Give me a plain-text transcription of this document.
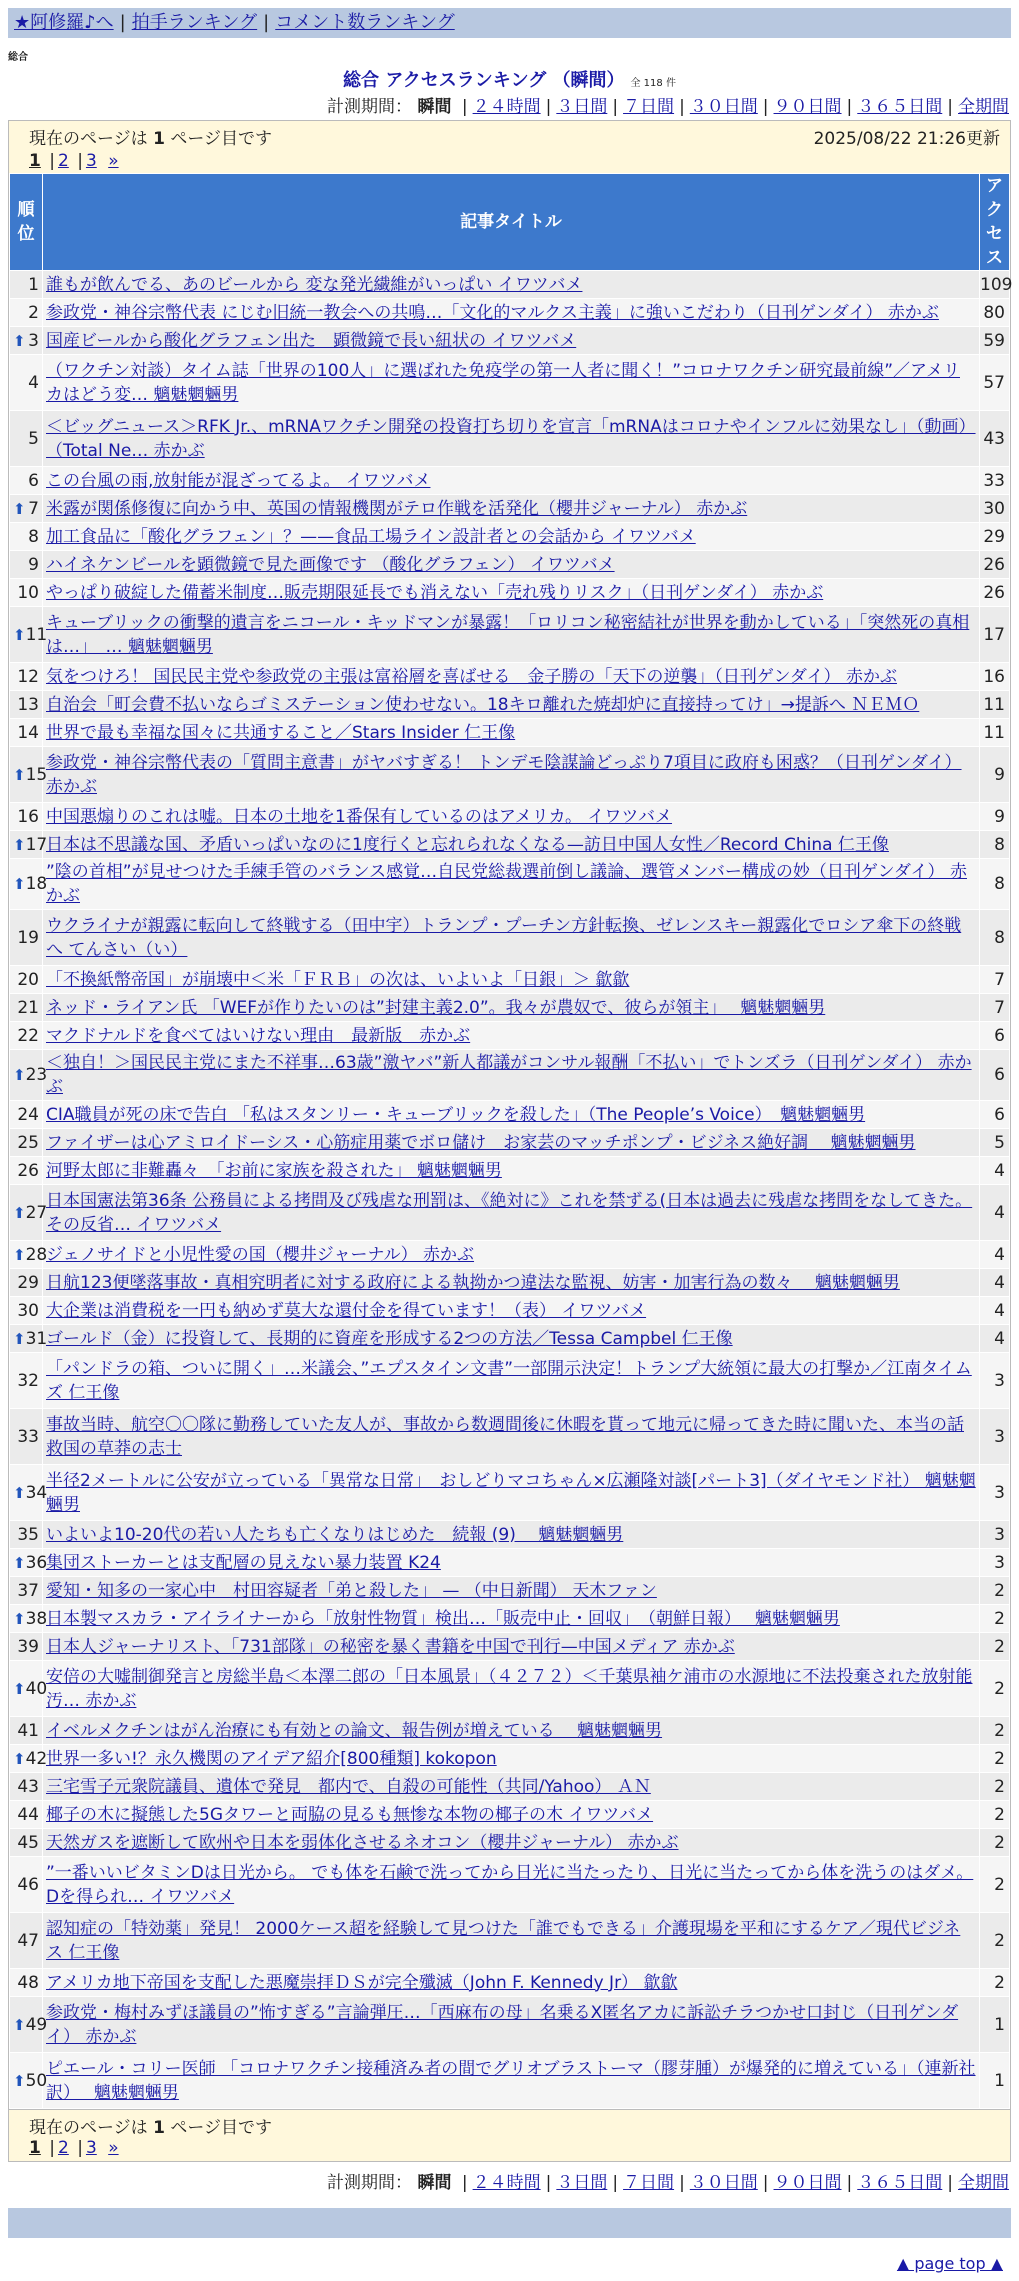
★阿修羅♪へ | 拍手ランキング | コメント数ランキング
総合
総合 アクセスランキング （瞬間） 全 118 件
計測期間： 瞬間 | ２４時間 | ３日間 | ７日間 | ３０日間 | ９０日間 | ３６５日間 | 全期間
現在のページは 1 ページ目です	2025/08/22 21:26更新
1 | 2 | 3 »
順位	記事タイトル	アクセス
1	誰もが飲んでる、あのビールから 変な発光繊維がいっぱい イワツバメ	109
2	参政党・神谷宗幣代表 にじむ旧統一教会への共鳴…「文化的マルクス主義」に強いこだわり（日刊ゲンダイ） 赤かぶ	80

⬆ 3	国産ビールから酸化グラフェン出た　顕微鏡で長い紐状の イワツバメ	59
4	（ワクチン対談）タイム誌「世界の100人」に選ばれた免疫学の第一人者に聞く！”コロナワクチン研究最前線”／アメリカはどう変… 魑魅魍魎男	57
5	＜ビッグニュース＞RFK Jr.、mRNAワクチン開発の投資打ち切りを宣言「mRNAはコロナやインフルに効果なし」（動画）（Total Ne… 赤かぶ	43
6	この台風の雨,放射能が混ざってるよ。 イワツバメ	33

⬆ 7	米露が関係修復に向かう中、英国の情報機関がテロ作戦を活発化（櫻井ジャーナル） 赤かぶ	30
8	加工食品に「酸化グラフェン」？——食品工場ライン設計者との会話から イワツバメ	29
9	ハイネケンビールを顕微鏡で見た画像です （酸化グラフェン） イワツバメ	26
10	やっぱり破綻した備蓄米制度…販売期限延長でも消えない「売れ残りリスク」（日刊ゲンダイ） 赤かぶ	26

⬆ 11	キューブリックの衝撃的遺言をニコール・キッドマンが暴露！「ロリコン秘密結社が世界を動かしている」「突然死の真相は…」　… 魑魅魍魎男	17
12	気をつけろ！ 国民民主党や参政党の主張は富裕層を喜ばせる　金子勝の「天下の逆襲」（日刊ゲンダイ） 赤かぶ	16
13	自治会「町会費不払いならゴミステーション使わせない。18キロ離れた焼却炉に直接持ってけ」→提訴へ ＮＥＭＯ	11
14	世界で最も幸福な国々に共通すること／Stars Insider 仁王像	11

⬆ 15	参政党・神谷宗幣代表の「質問主意書」がヤバすぎる！ トンデモ陰謀論どっぷり7項目に政府も困惑？（日刊ゲンダイ） 赤かぶ	9
16	中国悪煽りのこれは嘘。日本の土地を1番保有しているのはアメリカ。 イワツバメ	9

⬆ 17	日本は不思議な国、矛盾いっぱいなのに1度行くと忘れられなくなる—訪日中国人女性／Record China 仁王像	8

⬆ 18	”陰の首相”が見せつけた手練手管のバランス感覚…自民党総裁選前倒し議論、選管メンバー構成の妙（日刊ゲンダイ） 赤かぶ	8
19	ウクライナが親露に転向して終戦する（田中宇）トランプ・プーチン方針転換、ゼレンスキー親露化でロシア傘下の終戦へ てんさい（い）	8
20	「不換紙幣帝国」が崩壊中＜米「ＦＲＢ」の次は、いよいよ「日銀」＞ 歙歙	7
21	ネッド・ライアン氏 「WEFが作りたいのは”封建主義2.0”。我々が農奴で、彼らが領主」　 魑魅魍魎男	7
22	マクドナルドを食べてはいけない理由　最新版　赤かぶ	6

⬆ 23	＜独自！＞国民民主党にまた不祥事…63歳”激ヤバ”新人都議がコンサル報酬「不払い」でトンズラ（日刊ゲンダイ） 赤かぶ	6
24	CIA職員が死の床で告白 「私はスタンリー・キューブリックを殺した」（The People’s Voice）　魑魅魍魎男	6
25	ファイザーは心アミロイドーシス・心筋症用薬でボロ儲け　お家芸のマッチポンプ・ビジネス絶好調　 魑魅魍魎男	5
26	河野太郎に非難轟々　「お前に家族を殺された」 魑魅魍魎男	4

⬆ 27	日本国憲法第36条 公務員による拷問及び残虐な刑罰は、《絶対に》これを禁ずる(日本は過去に残虐な拷問をなしてきた。その反省… イワツバメ	4

⬆ 28	ジェノサイドと小児性愛の国（櫻井ジャーナル） 赤かぶ	4
29	日航123便墜落事故・真相究明者に対する政府による執拗かつ違法な監視、妨害・加害行為の数々　 魑魅魍魎男	4
30	大企業は消費税を一円も納めず莫大な還付金を得ています！（表） イワツバメ	4

⬆ 31	ゴールド（金）に投資して、長期的に資産を形成する2つの方法／Tessa Campbel 仁王像	4
32	「パンドラの箱、ついに開く」…米議会、”エプスタイン文書”一部開示決定！トランプ大統領に最大の打撃か／江南タイムズ 仁王像	3
33	事故当時、航空〇〇隊に勤務していた友人が、事故から数週間後に休暇を貰って地元に帰ってきた時に聞いた、本当の話 救国の草莽の志士	3

⬆ 34	半径2メートルに公安が立っている「異常な日常」　おしどりマコちゃん×広瀬隆対談[パート3]（ダイヤモンド社） 魑魅魍魎男	3
35	いよいよ10-20代の若い人たちも亡くなりはじめた　続報 (9)　 魑魅魍魎男	3

⬆ 36	集団ストーカーとは支配層の見えない暴力装置 K24	3
37	愛知・知多の一家心中　村田容疑者「弟と殺した」 — （中日新聞） 天木ファン	2

⬆ 38	日本製マスカラ・アイライナーから「放射性物質」検出…「販売中止・回収」　（朝鮮日報）　 魑魅魍魎男	2
39	日本人ジャーナリスト、「731部隊」の秘密を暴く書籍を中国で刊行—中国メディア 赤かぶ	2

⬆ 40	安倍の大嘘制御発言と房総半島＜本澤二郎の「日本風景」（４２７２）＜千葉県袖ケ浦市の水源地に不法投棄された放射能汚… 赤かぶ	2
41	イベルメクチンはがん治療にも有効との論文、報告例が増えている　 魑魅魍魎男	2

⬆ 42	世界一多い!？永久機関のアイデア紹介[800種類] kokopon	2
43	三宅雪子元衆院議員、遺体で発見　都内で、自殺の可能性（共同/Yahoo） ＡＮ	2
44	椰子の木に擬態した5Gタワーと両脇の見るも無惨な本物の椰子の木 イワツバメ	2
45	天然ガスを遮断して欧州や日本を弱体化させるネオコン（櫻井ジャーナル） 赤かぶ	2
46	”一番いいビタミンDは日光から。 でも体を石鹸で洗ってから日光に当たったり、日光に当たってから体を洗うのはダメ。Dを得られ… イワツバメ	2
47	認知症の「特効薬」発見！ 2000ケース超を経験して見つけた「誰でもできる」介護現場を平和にするケア／現代ビジネス 仁王像	2
48	アメリカ地下帝国を支配した悪魔崇拝ＤＳが完全殲滅（John F. Kennedy Jr） 歙歙	2

⬆ 49	参政党・梅村みずほ議員の”怖すぎる”言論弾圧…「西麻布の母」名乗るX匿名アカに訴訟チラつかせ口封じ（日刊ゲンダイ） 赤かぶ	1

⬆ 50	ピエール・コリー医師 「コロナワクチン接種済み者の間でグリオブラストーマ（膠芽腫）が爆発的に増えている」（連新社訳）　 魑魅魍魎男	1
現在のページは 1 ページ目です
1 | 2 | 3 »
計測期間： 瞬間 | ２４時間 | ３日間 | ７日間 | ３０日間 | ９０日間 | ３６５日間 | 全期間
▲ page top ▲
